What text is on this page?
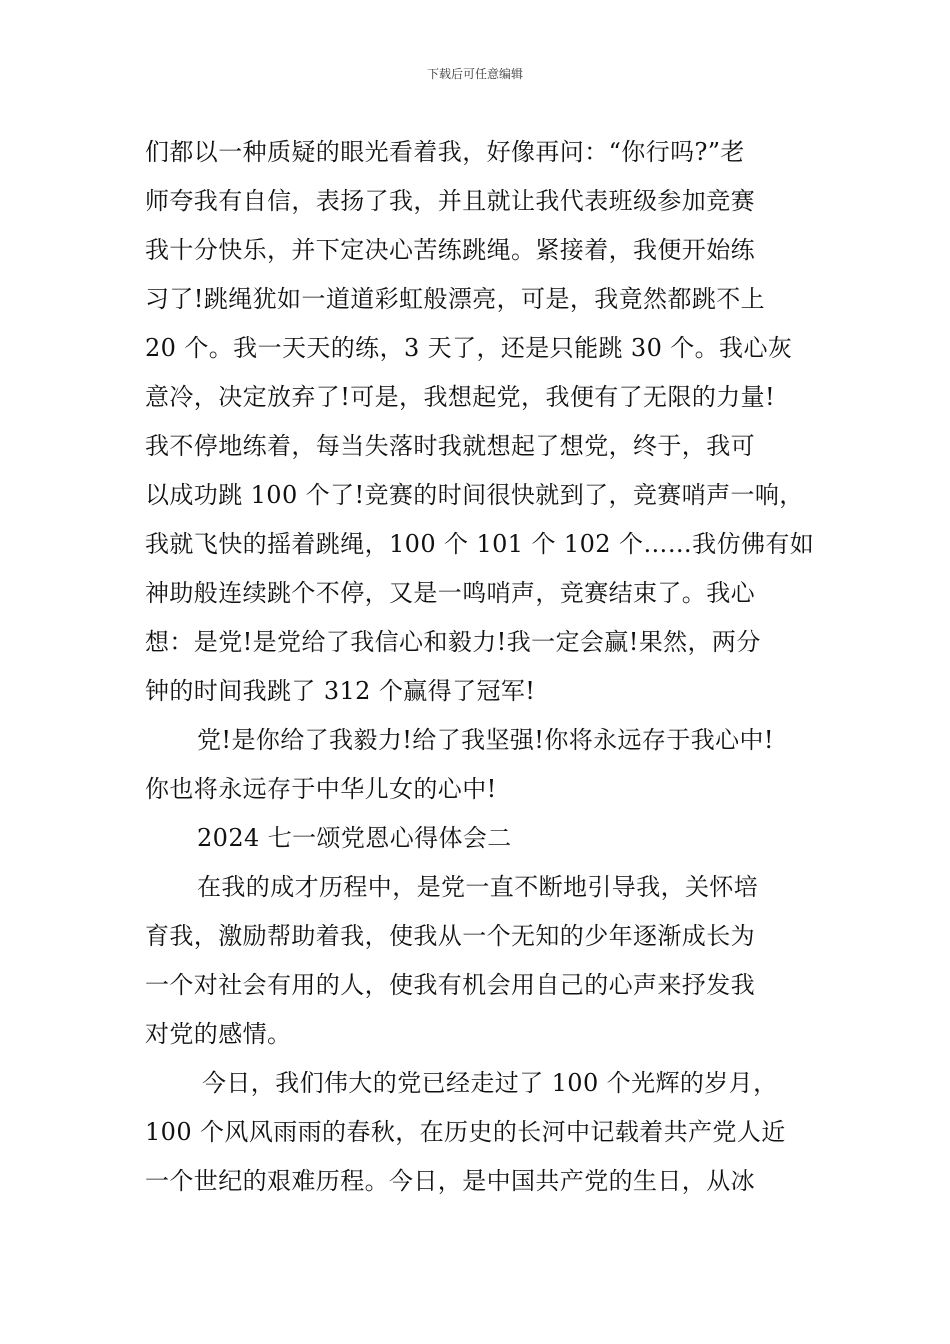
下载后可任意编辑
们都以一种质疑的眼光看着我，好像再问：“你行吗?”老
师夸我有自信，表扬了我，并且就让我代表班级参加竞赛
我十分快乐，并下定决心苦练跳绳。紧接着，我便开始练
习了!跳绳犹如一道道彩虹般漂亮，可是，我竟然都跳不上
20 个。我一天天的练，3 天了，还是只能跳 30 个。我心灰
意冷，决定放弃了!可是，我想起党，我便有了无限的力量!
我不停地练着，每当失落时我就想起了想党，终于，我可
以成功跳 100 个了!竞赛的时间很快就到了，竞赛哨声一响，
我就飞快的摇着跳绳，100 个 101 个 102 个……我仿佛有如
神助般连续跳个不停，又是一鸣哨声，竞赛结束了。我心
想：是党!是党给了我信心和毅力!我一定会赢!果然，两分
钟的时间我跳了 312 个赢得了冠军!
党!是你给了我毅力!给了我坚强!你将永远存于我心中!
你也将永远存于中华儿女的心中!
2024 七一颂党恩心得体会二
在我的成才历程中，是党一直不断地引导我，关怀培
育我，激励帮助着我，使我从一个无知的少年逐渐成长为
一个对社会有用的人，使我有机会用自己的心声来抒发我
对党的感情。
今日，我们伟大的党已经走过了 100 个光辉的岁月，
100 个风风雨雨的春秋，在历史的长河中记载着共产党人近
一个世纪的艰难历程。今日，是中国共产党的生日，从冰
